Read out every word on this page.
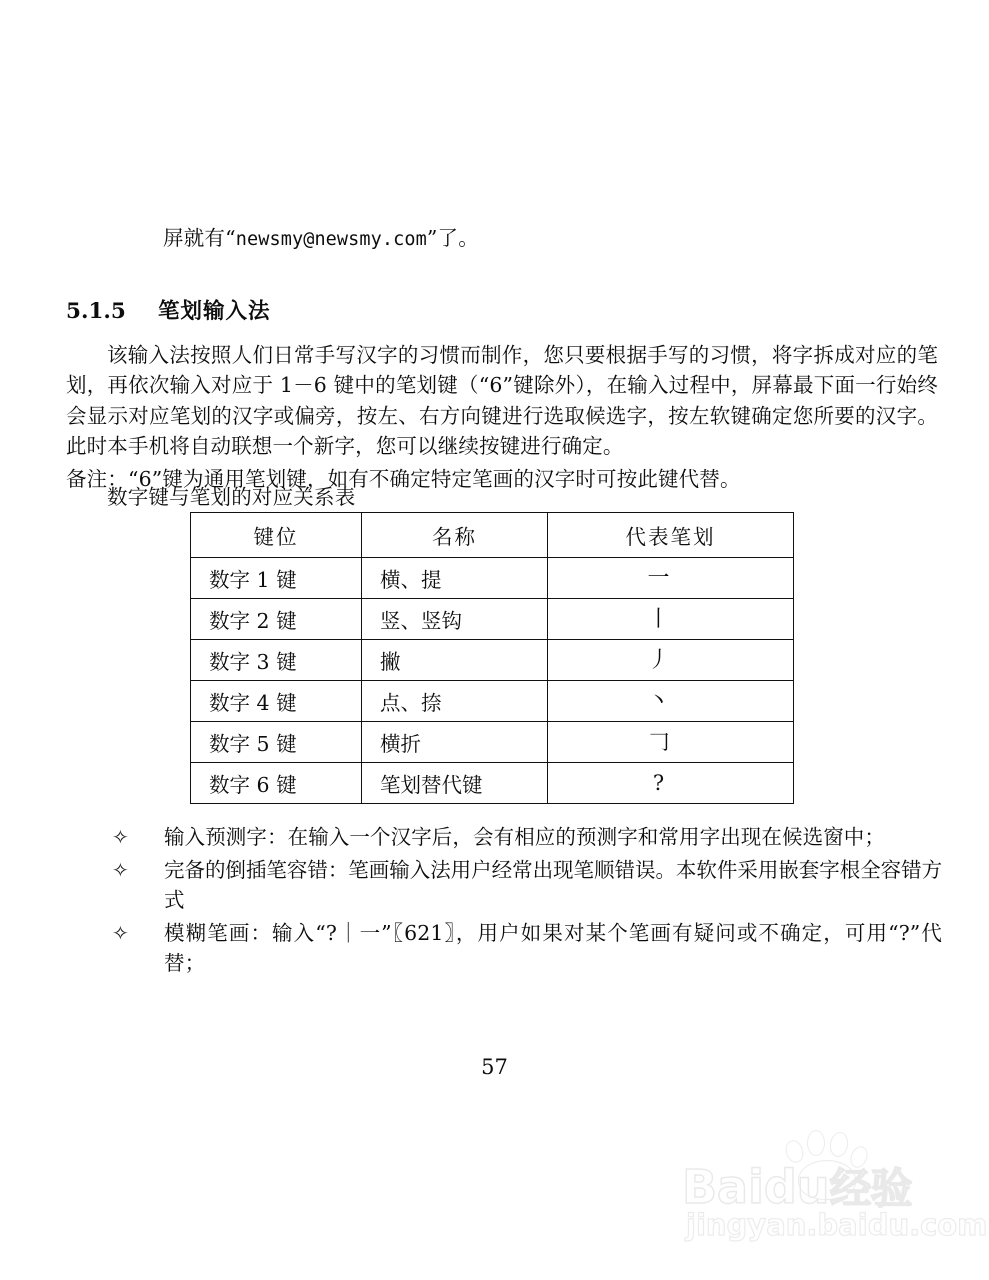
屏就有“newsmy@newsmy.com”了。
5.1.5 笔划输入法

该输入法按照人们日常手写汉字的习惯而制作，您只要根据手写的习惯，将字拆成对应的笔划，再依次输入对应于 1－6 键中的笔划键（“6”键除外），在输入过程中，屏幕最下面一行始终会显示对应笔划的汉字或偏旁，按左、右方向键进行选取候选字，按左软键确定您所要的汉字。此时本手机将自动联想一个新字，您可以继续按键进行确定。

备注：“6”键为通用笔划键，如有不确定特定笔画的汉字时可按此键代替。

数字键与笔划的对应关系表
键位	名称	代表笔划
数字 1 键	横、提	一
数字 2 键	竖、竖钩	丨
数字 3 键	撇	丿
数字 4 键	点、捺	丶
数字 5 键	横折	𠃌
数字 6 键	笔划替代键	?
✧	输入预测字：在输入一个汉字后，会有相应的预测字和常用字出现在候选窗中；
✧	完备的倒插笔容错：笔画输入法用户经常出现笔顺错误。本软件采用嵌套字根全容错方式
✧	模糊笔画：输入“?｜一”〖621〗，用户如果对某个笔画有疑问或不确定，可用“?”代替；
57
Baidu经验
jingyan.baidu.com
